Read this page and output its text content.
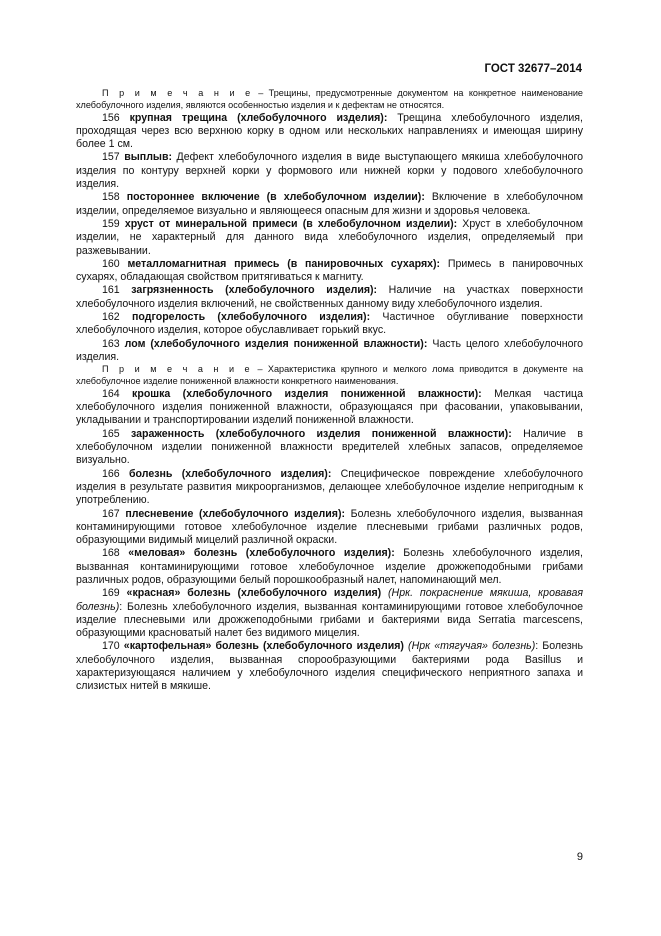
ГОСТ 32677–2014

П р и м е ч а н и е – Трещины, предусмотренные документом на конкретное наименование хлебобулочного изделия, являются особенностью изделия и к дефектам не относятся.

156 крупная трещина (хлебобулочного изделия): Трещина хлебобулочного изделия, проходящая через всю верхнюю корку в одном или нескольких направлениях и имеющая ширину более 1 см.

157 выплыв: Дефект хлебобулочного изделия в виде выступающего мякиша хлебобулочного изделия по контуру верхней корки у формового или нижней корки у подового хлебобулочного изделия.

158 постороннее включение (в хлебобулочном изделии): Включение в хлебобулочном изделии, определяемое визуально и являющееся опасным для жизни и здоровья человека.

159 хруст от минеральной примеси (в хлебобулочном изделии): Хруст в хлебобулочном изделии, не характерный для данного вида хлебобулочного изделия, определяемый при разжевывании.

160 металломагнитная примесь (в панировочных сухарях): Примесь в панировочных сухарях, обладающая свойством притягиваться к магниту.

161 загрязненность (хлебобулочного изделия): Наличие на участках поверхности хлебобулочного изделия включений, не свойственных данному виду хлебобулочного изделия.

162 подгорелость (хлебобулочного изделия): Частичное обугливание поверхности хлебобулочного изделия, которое обуславливает горький вкус.

163 лом (хлебобулочного изделия пониженной влажности): Часть целого хлебобулочного изделия.

П р и м е ч а н и е – Характеристика крупного и мелкого лома приводится в документе на хлебобулочное изделие пониженной влажности конкретного наименования.

164 крошка (хлебобулочного изделия пониженной влажности): Мелкая частица хлебобулочного изделия пониженной влажности, образующаяся при фасовании, упаковывании, укладывании и транспортировании изделий пониженной влажности.

165 зараженность (хлебобулочного изделия пониженной влажности): Наличие в хлебобулочном изделии пониженной влажности вредителей хлебных запасов, определяемое визуально.

166 болезнь (хлебобулочного изделия): Специфическое повреждение хлебобулочного изделия в результате развития микроорганизмов, делающее хлебобулочное изделие непригодным к употреблению.

167 плесневение (хлебобулочного изделия): Болезнь хлебобулочного изделия, вызванная контаминирующими готовое хлебобулочное изделие плесневыми грибами различных родов, образующими видимый мицелий различной окраски.

168 «меловая» болезнь (хлебобулочного изделия): Болезнь хлебобулочного изделия, вызванная контаминирующими готовое хлебобулочное изделие дрожжеподобными грибами различных родов, образующими белый порошкообразный налет, напоминающий мел.

169 «красная» болезнь (хлебобулочного изделия) (Нрк. покраснение мякиша, кровавая болезнь): Болезнь хлебобулочного изделия, вызванная контаминирующими готовое хлебобулочное изделие плесневыми или дрожжеподобными грибами и бактериями вида Serratia marcescens, образующими красноватый налет без видимого мицелия.

170 «картофельная» болезнь (хлебобулочного изделия) (Нрк «тягучая» болезнь): Болезнь хлебобулочного изделия, вызванная спорообразующими бактериями рода Basillus и характеризующаяся наличием у хлебобулочного изделия специфического неприятного запаха и слизистых нитей в мякише.

9
